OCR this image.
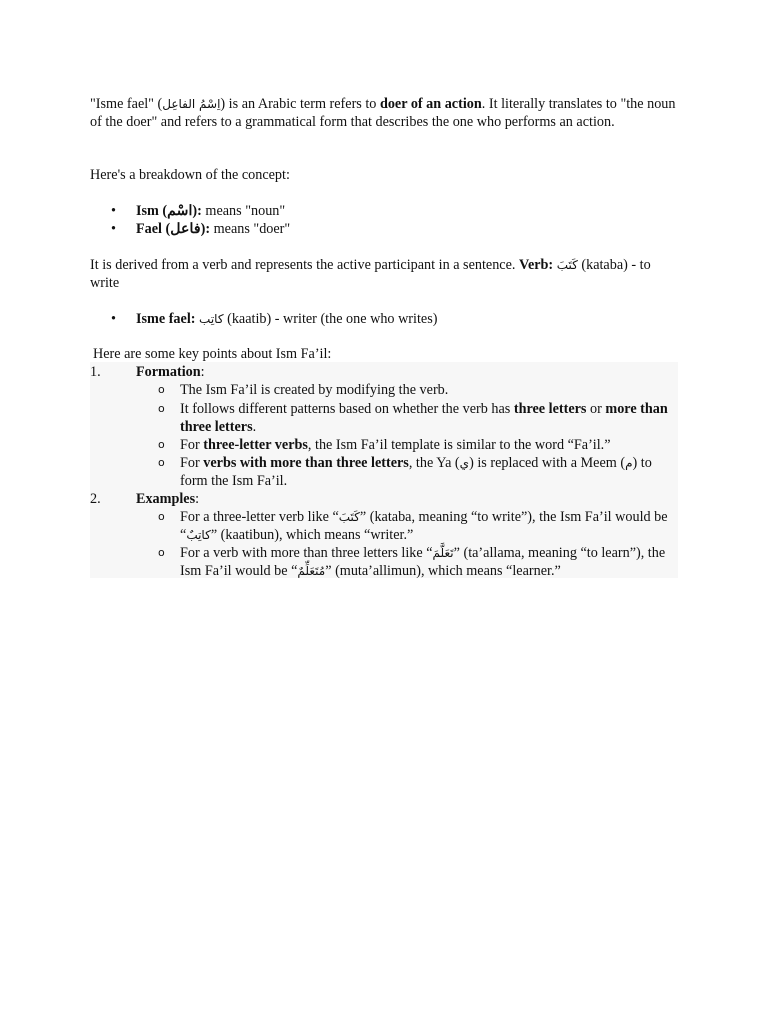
"Isme fael" (اِسْمُ الفاعِل) is an Arabic term refers to doer of an action. It literally translates to "the noun of the doer" and refers to a grammatical form that describes the one who performs an action.

Here's a breakdown of the concept:

•	Ism (اسْم): means "noun"
•	Fael (فاعل): means "doer"

It is derived from a verb and represents the active participant in a sentence. Verb: كَتَبَ (kataba) - to write

•	Isme fael: كاتِب (kaatib) - writer (the one who writes)

Here are some key points about Ism Fa’il:

1. Formation:
o The Ism Fa’il is created by modifying the verb.
o It follows different patterns based on whether the verb has three letters or more than three letters.
o For three-letter verbs, the Ism Fa’il template is similar to the word “Fa’il.”
o For verbs with more than three letters, the Ya (ي) is replaced with a Meem (م) to form the Ism Fa’il.
2. Examples:
o For a three-letter verb like “كَتَبَ” (kataba, meaning “to write”), the Ism Fa’il would be “كاتِبٌ” (kaatibun), which means “writer.”
o For a verb with more than three letters like “تَعَلَّمَ” (ta’allama, meaning “to learn”), the Ism Fa’il would be “مُتَعَلِّمٌ” (muta’allimun), which means “learner.”
